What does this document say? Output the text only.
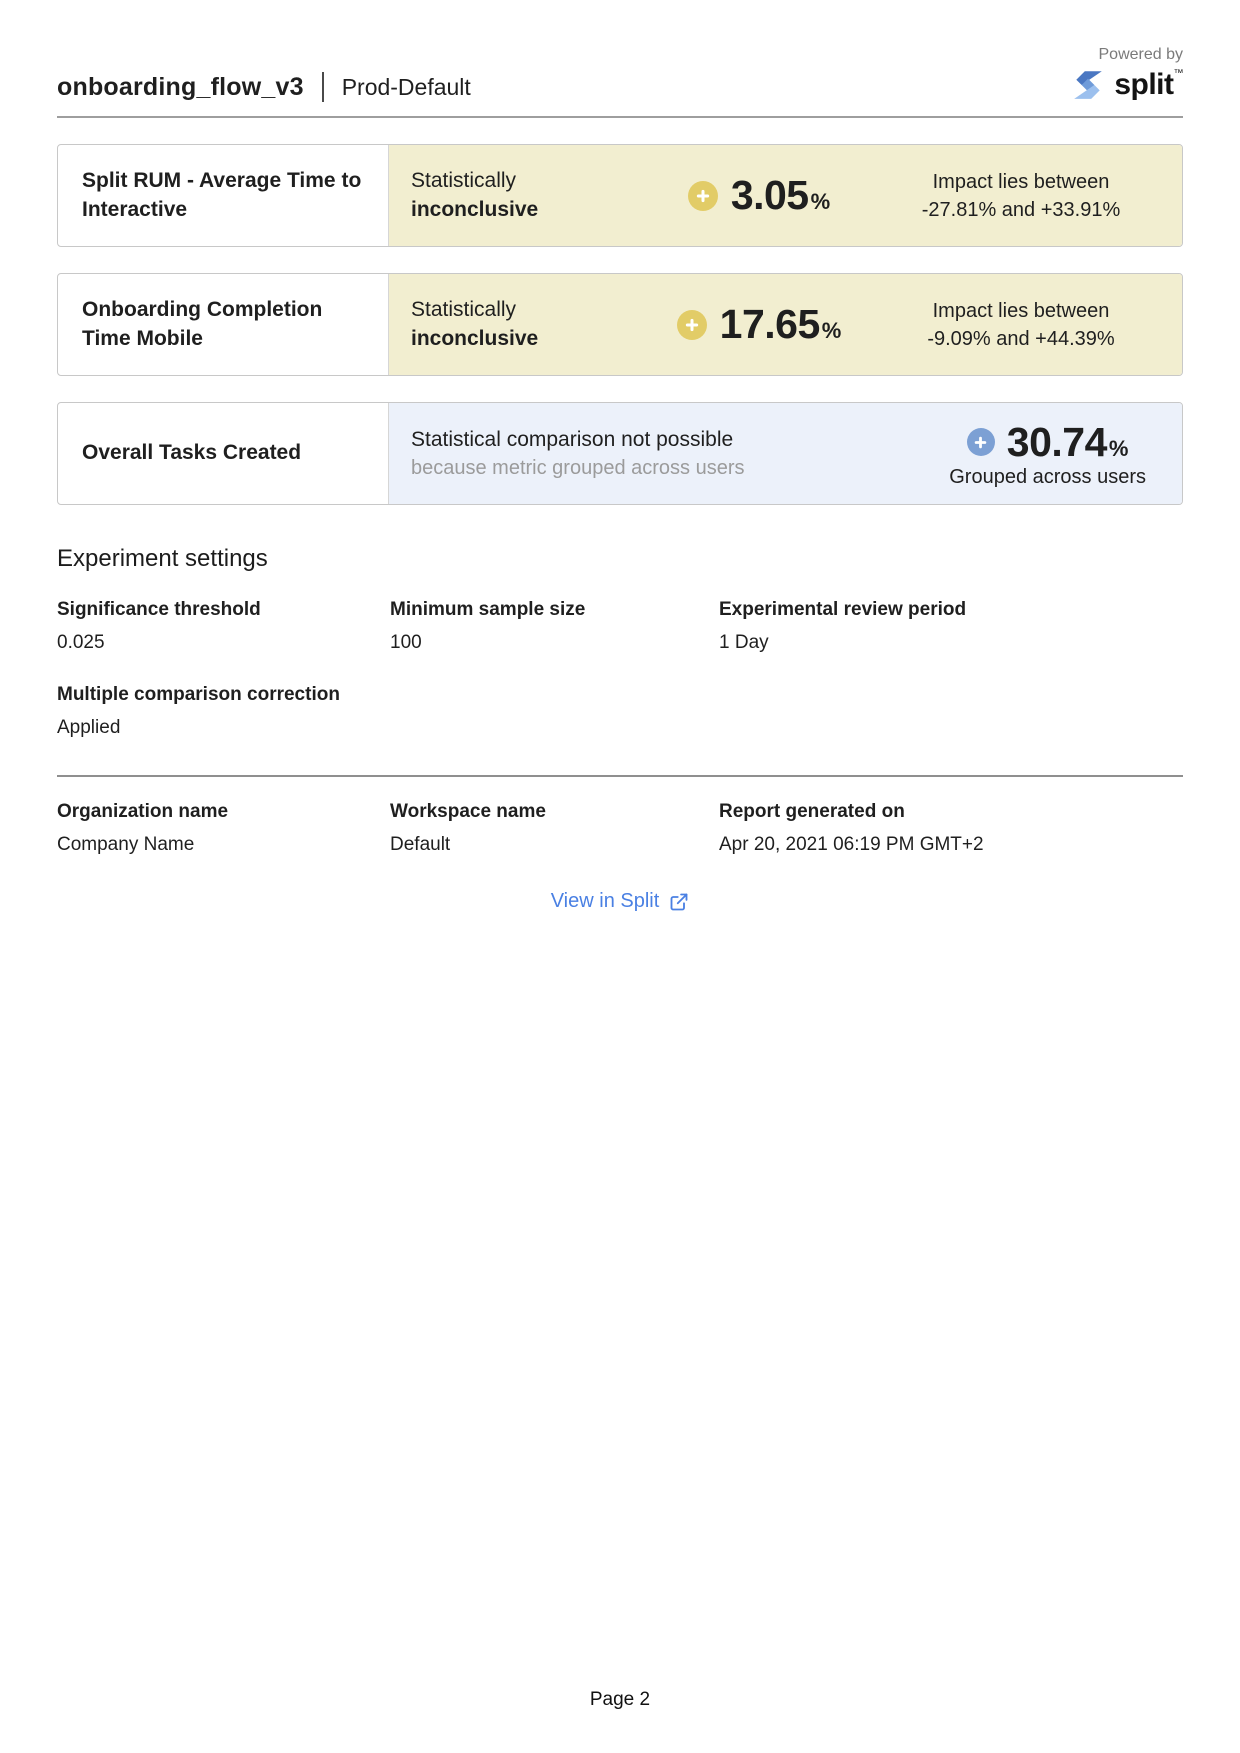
onboarding_flow_v3 Prod-Default
Powered by
split™
Split RUM - Average Time to Interactive
Statistically
inconclusive	3.05 %
Impact lies between
-27.81% and +33.91%
Onboarding Completion Time Mobile
Statistically
inconclusive	17.65 %
Impact lies between
-9.09% and +44.39%
Overall Tasks Created
Statistical comparison not possible
because metric grouped across users
30.74 %
Grouped across users
Experiment settings
Significance threshold
0.025
Minimum sample size
100
Experimental review period
1 Day
Multiple comparison correction
Applied
Organization name
Company Name
Workspace name
Default
Report generated on
Apr 20, 2021 06:19 PM GMT+2
View in Split
Page 2
